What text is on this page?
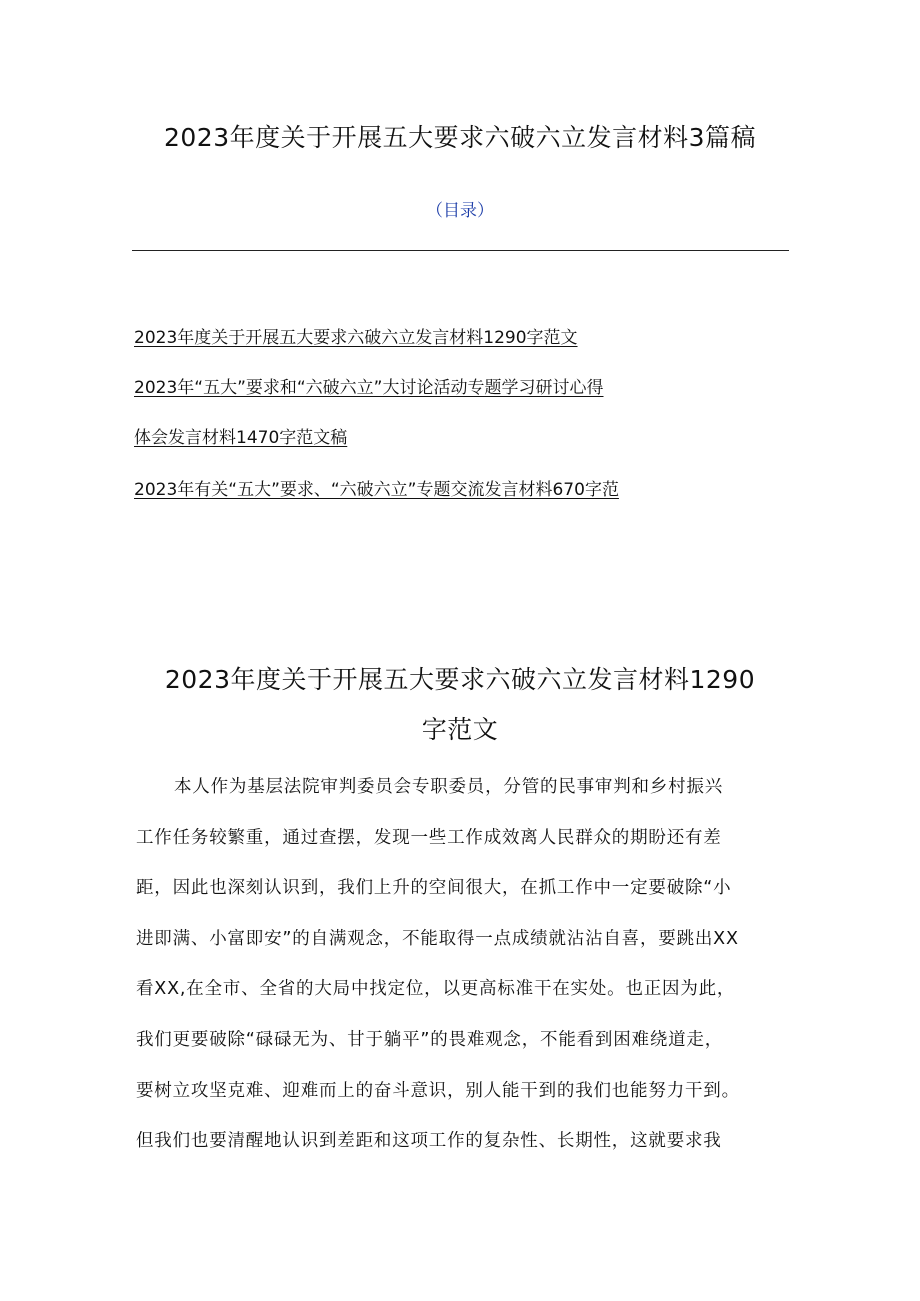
2023年度关于开展五大要求六破六立发言材料3篇稿
（目录）
2023年度关于开展五大要求六破六立发言材料1290字范文
2023年“五大”要求和“六破六立”大讨论活动专题学习研讨心得
体会发言材料1470字范文稿
2023年有关“五大”要求、“六破六立”专题交流发言材料670字范
2023年度关于开展五大要求六破六立发言材料1290
字范文
本人作为基层法院审判委员会专职委员，分管的民事审判和乡村振兴
工作任务较繁重，通过查摆，发现一些工作成效离人民群众的期盼还有差
距，因此也深刻认识到，我们上升的空间很大，在抓工作中一定要破除“小
进即满、小富即安”的自满观念，不能取得一点成绩就沾沾自喜，要跳出XX
看XX,在全市、全省的大局中找定位，以更高标准干在实处。也正因为此，
我们更要破除“碌碌无为、甘于躺平”的畏难观念，不能看到困难绕道走，
要树立攻坚克难、迎难而上的奋斗意识，别人能干到的我们也能努力干到。
但我们也要清醒地认识到差距和这项工作的复杂性、长期性，这就要求我
